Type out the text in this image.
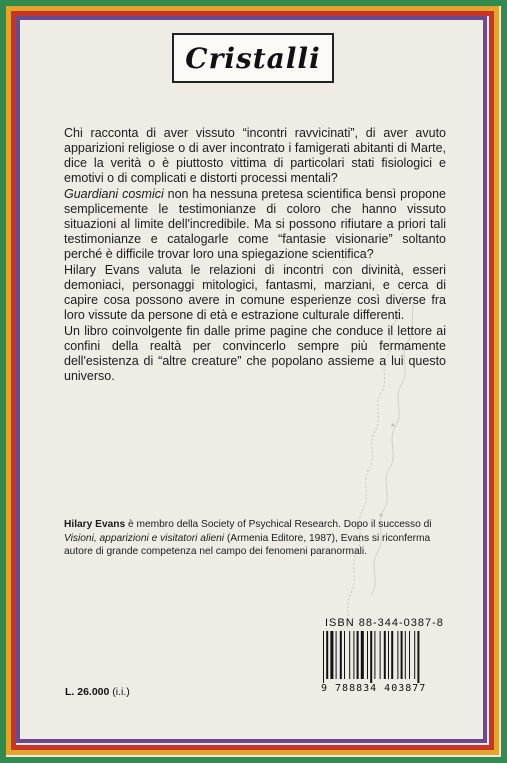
Cristalli

Chi racconta di aver vissuto “incontri ravvicinati”, di aver avuto apparizioni religiose o di aver incontrato i famigerati abitanti di Marte, dice la verità o è piuttosto vittima di particolari stati fisiologici e emotivi o di complicati e distorti processi mentali?

Guardiani cosmici non ha nessuna pretesa scientifica bensì propone semplicemente le testimonianze di coloro che hanno vissuto situazioni al limite dell'incredibile. Ma si possono rifiutare a priori tali testimonianze e catalogarle come “fantasie visionarie” soltanto perché è difficile trovar loro una spiegazione scientifica?

Hilary Evans valuta le relazioni di incontri con divinità, esseri demoniaci, personaggi mitologici, fantasmi, marziani, e cerca di capire cosa possono avere in comune esperienze così diverse fra loro vissute da persone di età e estrazione culturale differenti.

Un libro coinvolgente fin dalle prime pagine che conduce il lettore ai confini della realtà per convincerlo sempre più fermamente dell'esistenza di “altre creature” che popolano assieme a lui questo universo.

Hilary Evans è membro della Society of Psychical Research. Dopo il successo di Visioni, apparizioni e visitatori alieni (Armenia Editore, 1987), Evans si riconferma autore di grande competenza nel campo dei fenomeni paranormali.
ISBN 88-344-0387-8
9 788834 403877
L. 26.000 (i.i.)
